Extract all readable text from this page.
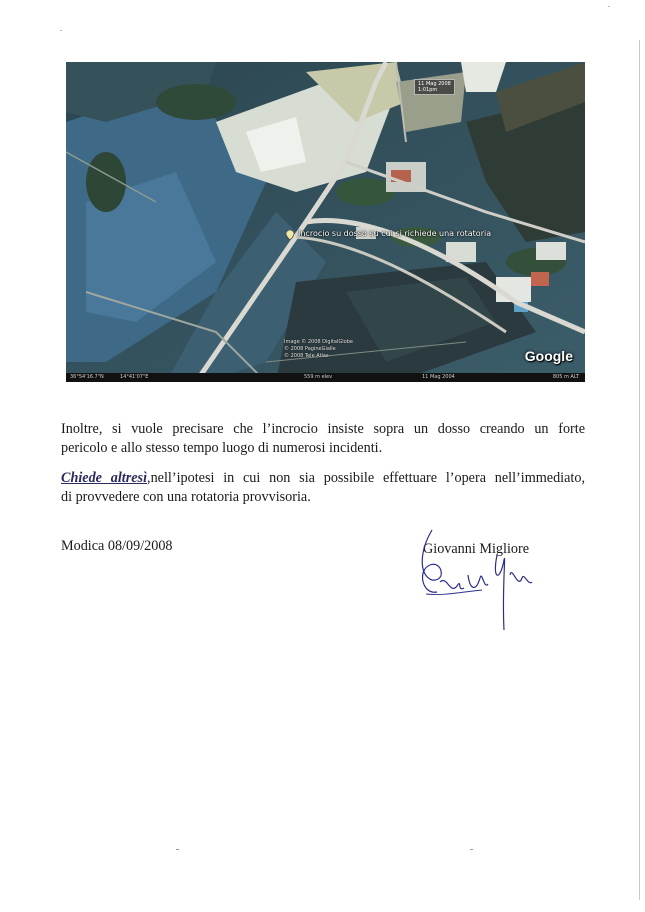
11 Mag 2008
1:01pm
Incrocio su dosso su cui si richiede una rotatoria
Image © 2008 DigitalGlobe
© 2008 PagineGialle
© 2008 Tele Atlas	Google
36°54'16.7"N	14°41'07"E	559 m elev	11 Mag 2004	805 m ALT

Inoltre, si vuole precisare che l’incrocio insiste sopra un dosso creando un forte
pericolo e allo stesso tempo luogo di numerosi incidenti.

Chiede altresì,nell’ipotesi in cui non sia possibile effettuare l’opera nell’immediato,
di provvedere con una rotatoria provvisoria.

Modica 08/09/2008	Giovanni Migliore
